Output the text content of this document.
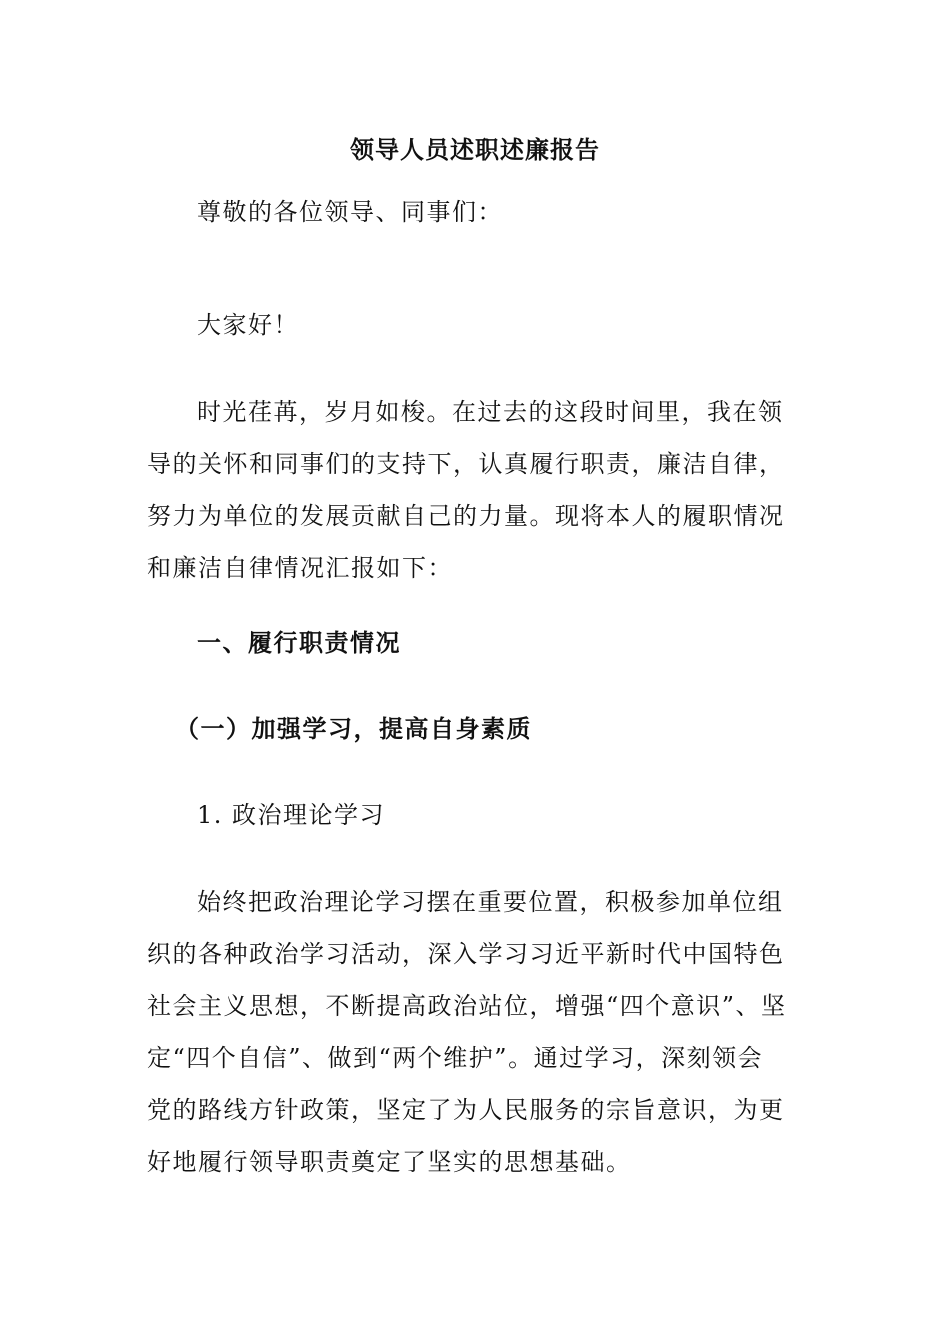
领导人员述职述廉报告

尊敬的各位领导、同事们：

大家好！

时光荏苒，岁月如梭。在过去的这段时间里，我在领导的关怀和同事们的支持下，认真履行职责，廉洁自律，努力为单位的发展贡献自己的力量。现将本人的履职情况和廉洁自律情况汇报如下：

一、履行职责情况

（一）加强学习，提高自身素质

1. 政治理论学习

始终把政治理论学习摆在重要位置，积极参加单位组织的各种政治学习活动，深入学习习近平新时代中国特色社会主义思想，不断提高政治站位，增强“四个意识”、坚定“四个自信”、做到“两个维护”。通过学习，深刻领会党的路线方针政策，坚定了为人民服务的宗旨意识，为更好地履行领导职责奠定了坚实的思想基础。
